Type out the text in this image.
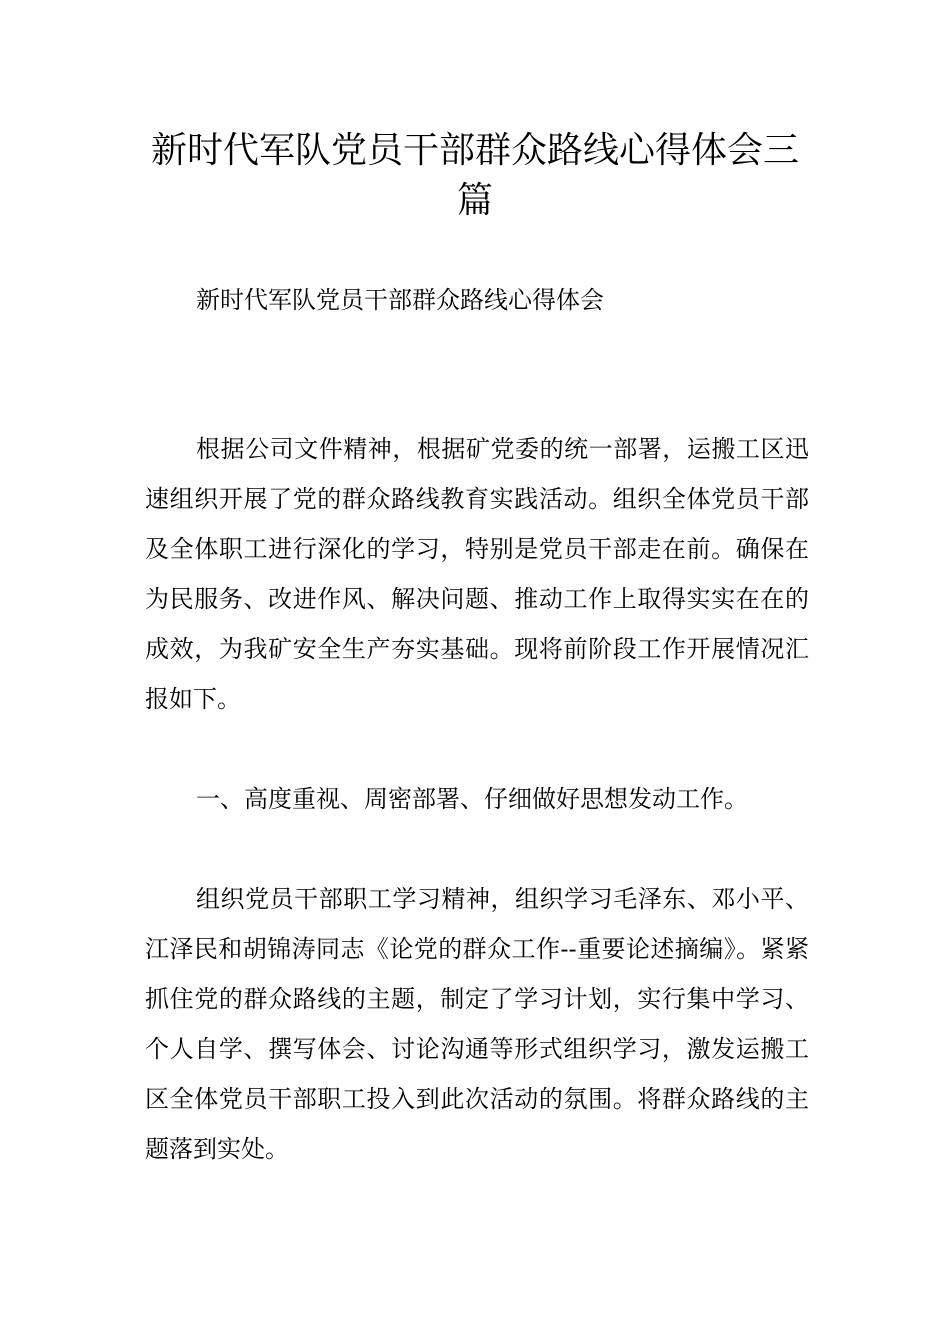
新时代军队党员干部群众路线心得体会三篇

新时代军队党员干部群众路线心得体会

根据公司文件精神，根据矿党委的统一部署，运搬工区迅速组织开展了党的群众路线教育实践活动。组织全体党员干部及全体职工进行深化的学习，特别是党员干部走在前。确保在为民服务、改进作风、解决问题、推动工作上取得实实在在的成效，为我矿安全生产夯实基础。现将前阶段工作开展情况汇报如下。

一、高度重视、周密部署、仔细做好思想发动工作。

组织党员干部职工学习精神，组织学习毛泽东、邓小平、江泽民和胡锦涛同志《论党的群众工作--重要论述摘编》。紧紧抓住党的群众路线的主题，制定了学习计划，实行集中学习、个人自学、撰写体会、讨论沟通等形式组织学习，激发运搬工区全体党员干部职工投入到此次活动的氛围。将群众路线的主题落到实处。
